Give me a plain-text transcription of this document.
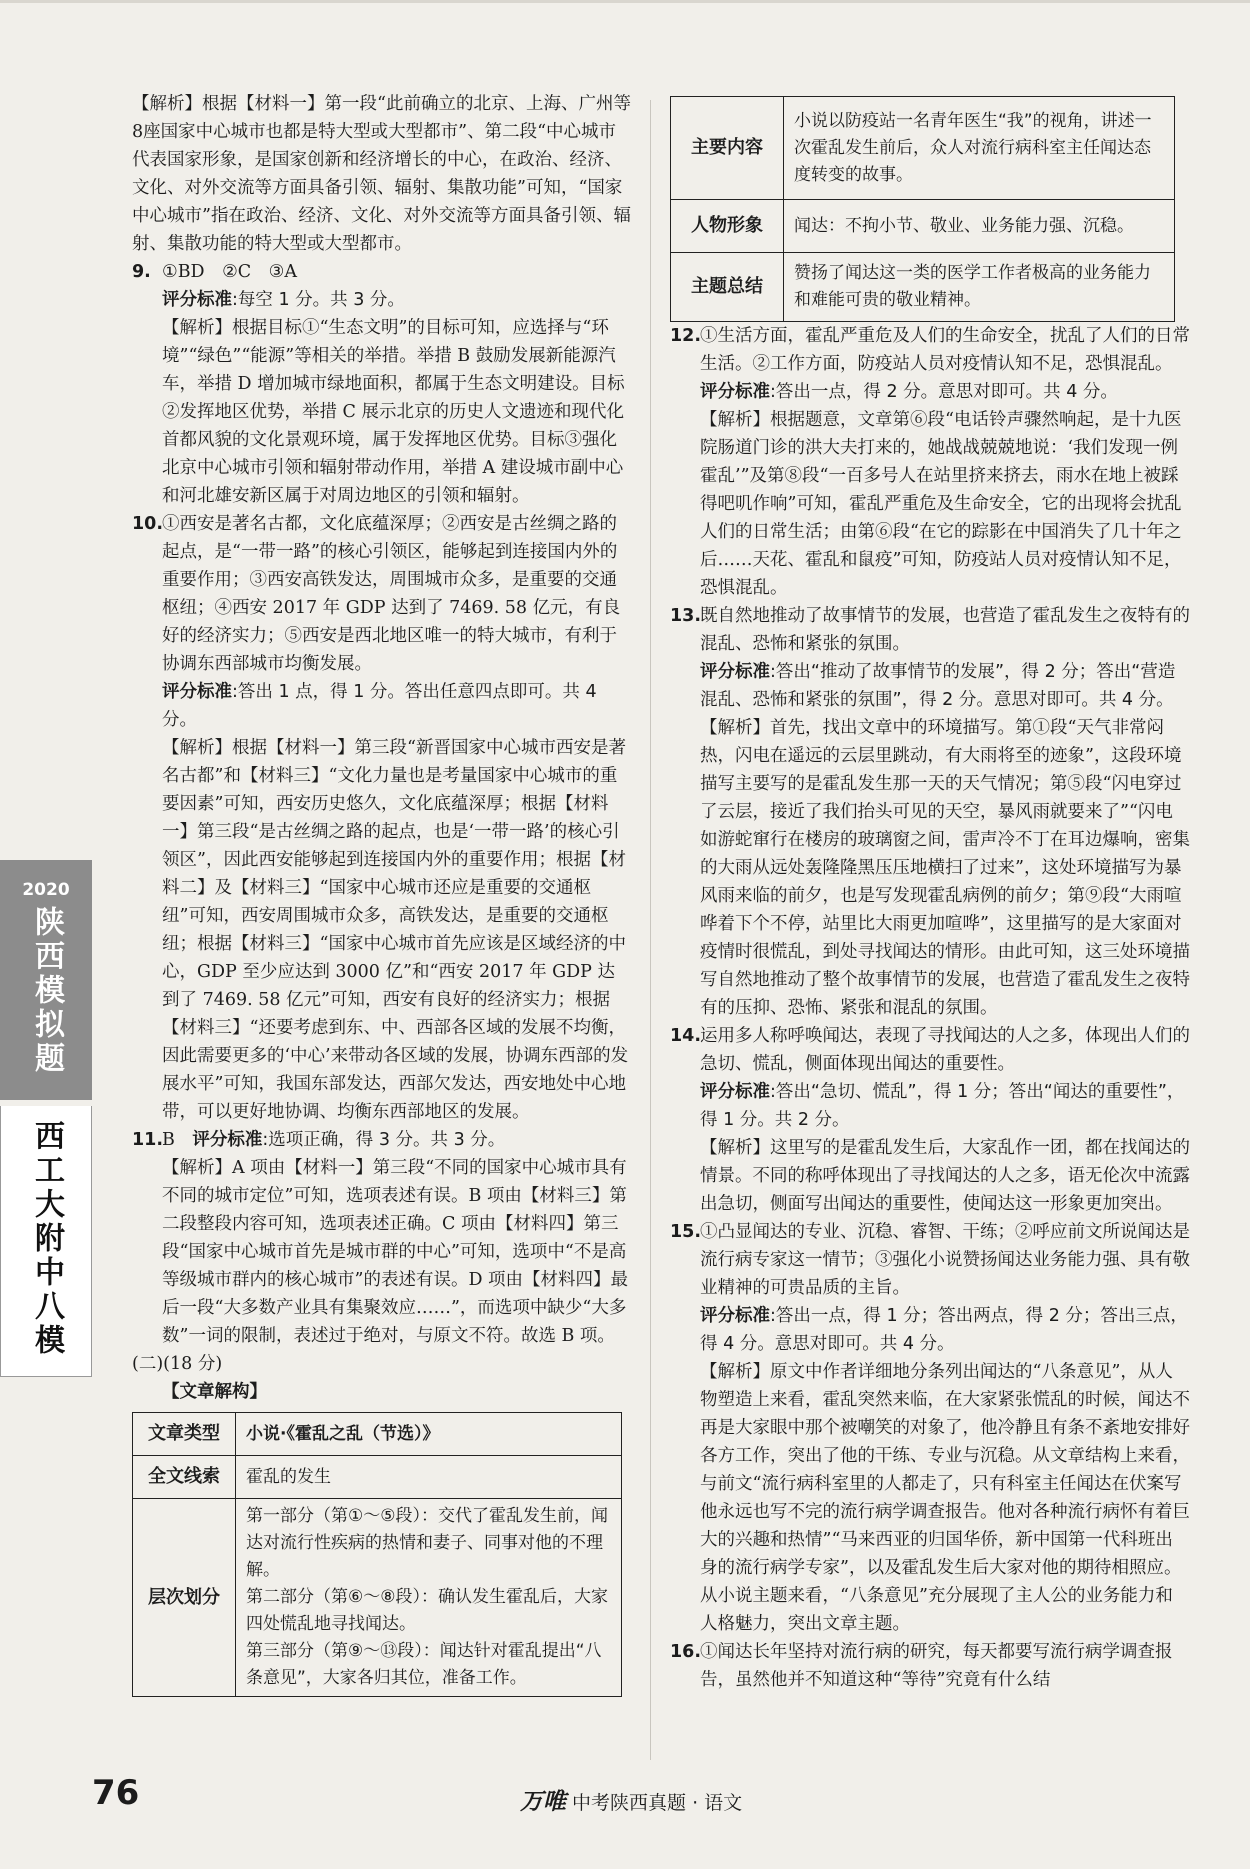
【解析】根据【材料一】第一段“此前确立的北京、上海、广州等8座国家中心城市也都是特大型或大型都市”、第二段“中心城市代表国家形象，是国家创新和经济增长的中心，在政治、经济、文化、对外交流等方面具备引领、辐射、集散功能”可知，“国家中心城市”指在政治、经济、文化、对外交流等方面具备引领、辐射、集散功能的特大型或大型都市。

9. ①BD　②C　③A

评分标准:每空 1 分。共 3 分。

【解析】根据目标①“生态文明”的目标可知，应选择与“环境”“绿色”“能源”等相关的举措。举措 B 鼓励发展新能源汽车，举措 D 增加城市绿地面积，都属于生态文明建设。目标②发挥地区优势，举措 C 展示北京的历史人文遗迹和现代化首都风貌的文化景观环境，属于发挥地区优势。目标③强化北京中心城市引领和辐射带动作用，举措 A 建设城市副中心和河北雄安新区属于对周边地区的引领和辐射。

10.①西安是著名古都，文化底蕴深厚；②西安是古丝绸之路的起点，是“一带一路”的核心引领区，能够起到连接国内外的重要作用；③西安高铁发达，周围城市众多，是重要的交通枢纽；④西安 2017 年 GDP 达到了 7469. 58 亿元，有良好的经济实力；⑤西安是西北地区唯一的特大城市，有利于协调东西部城市均衡发展。

评分标准:答出 1 点，得 1 分。答出任意四点即可。共 4 分。

【解析】根据【材料一】第三段“新晋国家中心城市西安是著名古都”和【材料三】“文化力量也是考量国家中心城市的重要因素”可知，西安历史悠久，文化底蕴深厚；根据【材料一】第三段“是古丝绸之路的起点，也是‘一带一路’的核心引领区”，因此西安能够起到连接国内外的重要作用；根据【材料二】及【材料三】“国家中心城市还应是重要的交通枢纽”可知，西安周围城市众多，高铁发达，是重要的交通枢纽；根据【材料三】“国家中心城市首先应该是区域经济的中心，GDP 至少应达到 3000 亿”和“西安 2017 年 GDP 达到了 7469. 58 亿元”可知，西安有良好的经济实力；根据【材料三】“还要考虑到东、中、西部各区域的发展不均衡，因此需要更多的‘中心’来带动各区域的发展，协调东西部的发展水平”可知，我国东部发达，西部欠发达，西安地处中心地带，可以更好地协调、均衡东西部地区的发展。

11.B　 评分标准:选项正确，得 3 分。共 3 分。

【解析】A 项由【材料一】第三段“不同的国家中心城市具有不同的城市定位”可知，选项表述有误。B 项由【材料三】第二段整段内容可知，选项表述正确。C 项由【材料四】第三段“国家中心城市首先是城市群的中心”可知，选项中“不是高等级城市群内的核心城市”的表述有误。D 项由【材料四】最后一段“大多数产业具有集聚效应……”，而选项中缺少“大多数”一词的限制，表述过于绝对，与原文不符。故选 B 项。

(二)(18 分)

【文章解构】

文章类型	小说·《霍乱之乱（节选）》
全文线索	霍乱的发生
层次划分	第一部分（第①～⑤段）：交代了霍乱发生前，闻达对流行性疾病的热情和妻子、同事对他的不理解。
第二部分（第⑥～⑧段）：确认发生霍乱后，大家四处慌乱地寻找闻达。
第三部分（第⑨～⑬段）：闻达针对霍乱提出“八条意见”，大家各归其位，准备工作。
主要内容	小说以防疫站一名青年医生“我”的视角，讲述一次霍乱发生前后，众人对流行病科室主任闻达态度转变的故事。
人物形象	闻达：不拘小节、敬业、业务能力强、沉稳。
主题总结	赞扬了闻达这一类的医学工作者极高的业务能力和难能可贵的敬业精神。

12.①生活方面，霍乱严重危及人们的生命安全，扰乱了人们的日常生活。②工作方面，防疫站人员对疫情认知不足，恐惧混乱。

评分标准:答出一点，得 2 分。意思对即可。共 4 分。

【解析】根据题意，文章第⑥段“电话铃声骤然响起，是十九医院肠道门诊的洪大夫打来的，她战战兢兢地说：‘我们发现一例霍乱’”及第⑧段“一百多号人在站里挤来挤去，雨水在地上被踩得吧叽作响”可知，霍乱严重危及生命安全，它的出现将会扰乱人们的日常生活；由第⑥段“在它的踪影在中国消失了几十年之后……天花、霍乱和鼠疫”可知，防疫站人员对疫情认知不足，恐惧混乱。

13.既自然地推动了故事情节的发展，也营造了霍乱发生之夜特有的混乱、恐怖和紧张的氛围。

评分标准:答出“推动了故事情节的发展”，得 2 分；答出“营造混乱、恐怖和紧张的氛围”，得 2 分。意思对即可。共 4 分。

【解析】首先，找出文章中的环境描写。第①段“天气非常闷热，闪电在遥远的云层里跳动，有大雨将至的迹象”，这段环境描写主要写的是霍乱发生那一天的天气情况；第⑤段“闪电穿过了云层，接近了我们抬头可见的天空，暴风雨就要来了”“闪电如游蛇窜行在楼房的玻璃窗之间，雷声冷不丁在耳边爆响，密集的大雨从远处轰隆隆黑压压地横扫了过来”，这处环境描写为暴风雨来临的前夕，也是写发现霍乱病例的前夕；第⑨段“大雨喧哗着下个不停，站里比大雨更加喧哗”，这里描写的是大家面对疫情时很慌乱，到处寻找闻达的情形。由此可知，这三处环境描写自然地推动了整个故事情节的发展，也营造了霍乱发生之夜特有的压抑、恐怖、紧张和混乱的氛围。

14.运用多人称呼唤闻达，表现了寻找闻达的人之多，体现出人们的急切、慌乱，侧面体现出闻达的重要性。

评分标准:答出“急切、慌乱”，得 1 分；答出“闻达的重要性”，得 1 分。共 2 分。

【解析】这里写的是霍乱发生后，大家乱作一团，都在找闻达的情景。不同的称呼体现出了寻找闻达的人之多，语无伦次中流露出急切，侧面写出闻达的重要性，使闻达这一形象更加突出。

15.①凸显闻达的专业、沉稳、睿智、干练；②呼应前文所说闻达是流行病专家这一情节；③强化小说赞扬闻达业务能力强、具有敬业精神的可贵品质的主旨。

评分标准:答出一点，得 1 分；答出两点，得 2 分；答出三点，得 4 分。意思对即可。共 4 分。

【解析】原文中作者详细地分条列出闻达的“八条意见”，从人物塑造上来看，霍乱突然来临，在大家紧张慌乱的时候，闻达不再是大家眼中那个被嘲笑的对象了，他冷静且有条不紊地安排好各方工作，突出了他的干练、专业与沉稳。从文章结构上来看，与前文“流行病科室里的人都走了，只有科室主任闻达在伏案写他永远也写不完的流行病学调查报告。他对各种流行病怀有着巨大的兴趣和热情”“马来西亚的归国华侨，新中国第一代科班出身的流行病学专家”，以及霍乱发生后大家对他的期待相照应。从小说主题来看，“八条意见”充分展现了主人公的业务能力和人格魅力，突出文章主题。

16.①闻达长年坚持对流行病的研究，每天都要写流行病学调查报告，虽然他并不知道这种“等待”究竟有什么结

2020
陕西模拟题
西工大附中八模
76	万唯 中考陕西真题 · 语文
